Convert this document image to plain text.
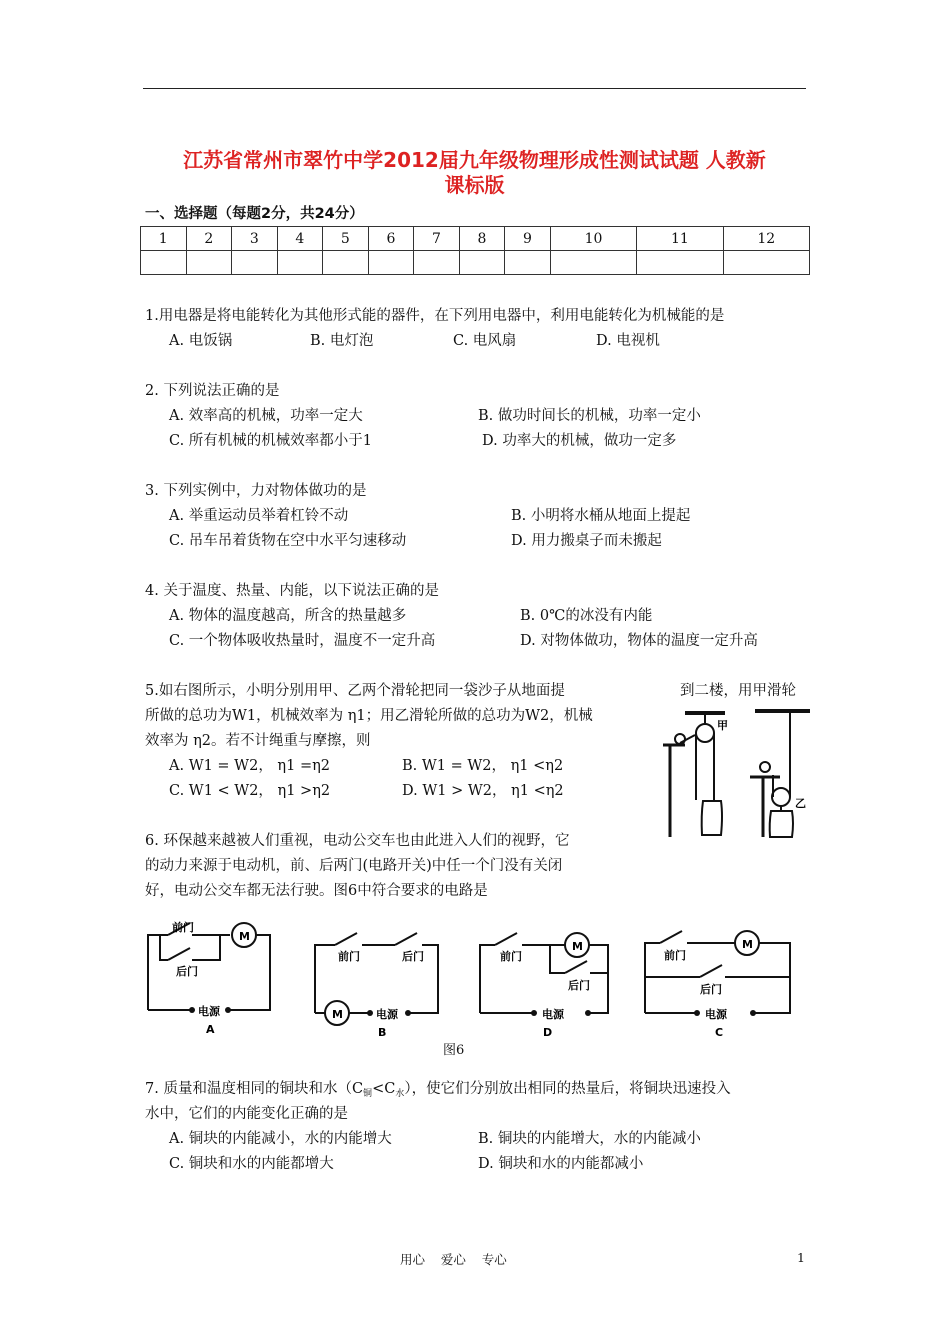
江苏省常州市翠竹中学2012届九年级物理形成性测试试题 人教新
课标版
一、选择题（每题2分，共24分）
1	2	3	4	5	6	7	8	9	10	11	12

1.用电器是将电能转化为其他形式能的器件，在下列用电器中，利用电能转化为机械能的是
A. 电饭锅	B. 电灯泡	C. 电风扇	D. 电视机
2. 下列说法正确的是
A. 效率高的机械，功率一定大	B. 做功时间长的机械，功率一定小
C. 所有机械的机械效率都小于1	D. 功率大的机械，做功一定多
3. 下列实例中，力对物体做功的是
A. 举重运动员举着杠铃不动	B. 小明将水桶从地面上提起
C. 吊车吊着货物在空中水平匀速移动	D. 用力搬桌子而未搬起
4. 关于温度、热量、内能，以下说法正确的是
A. 物体的温度越高，所含的热量越多	B. 0℃的冰没有内能
C. 一个物体吸收热量时，温度不一定升高	D. 对物体做功，物体的温度一定升高
5.如右图所示，小明分别用甲、乙两个滑轮把同一袋沙子从地面提	到二楼，用甲滑轮
所做的总功为W1，机械效率为 η1；用乙滑轮所做的总功为W2，机械
效率为 η2。若不计绳重与摩擦，则
A. W1 = W2， η1 =η2	B. W1 = W2， η1 <η2
C. W1 < W2， η1 >η2	D. W1 > W2， η1 <η2
甲
乙
6. 环保越来越被人们重视，电动公交车也由此进入人们的视野，它
的动力来源于电动机，前、后两门(电路开关)中任一个门没有关闭
好，电动公交车都无法行驶。图6中符合要求的电路是
前门
后门
M
电源
A
前门	后门
M	电源
B
前门
后门
M
电源
D
前门
后门
M
电源
C
图6
7. 质量和温度相同的铜块和水$(C_铜<C_水)$，使它们分别放出相同的热量后，将铜块迅速投入
水中，它们的内能变化正确的是
A. 铜块的内能减小，水的内能增大	B. 铜块的内能增大，水的内能减小
C. 铜块和水的内能都增大	D. 铜块和水的内能都减小
用心    爱心    专心	1
